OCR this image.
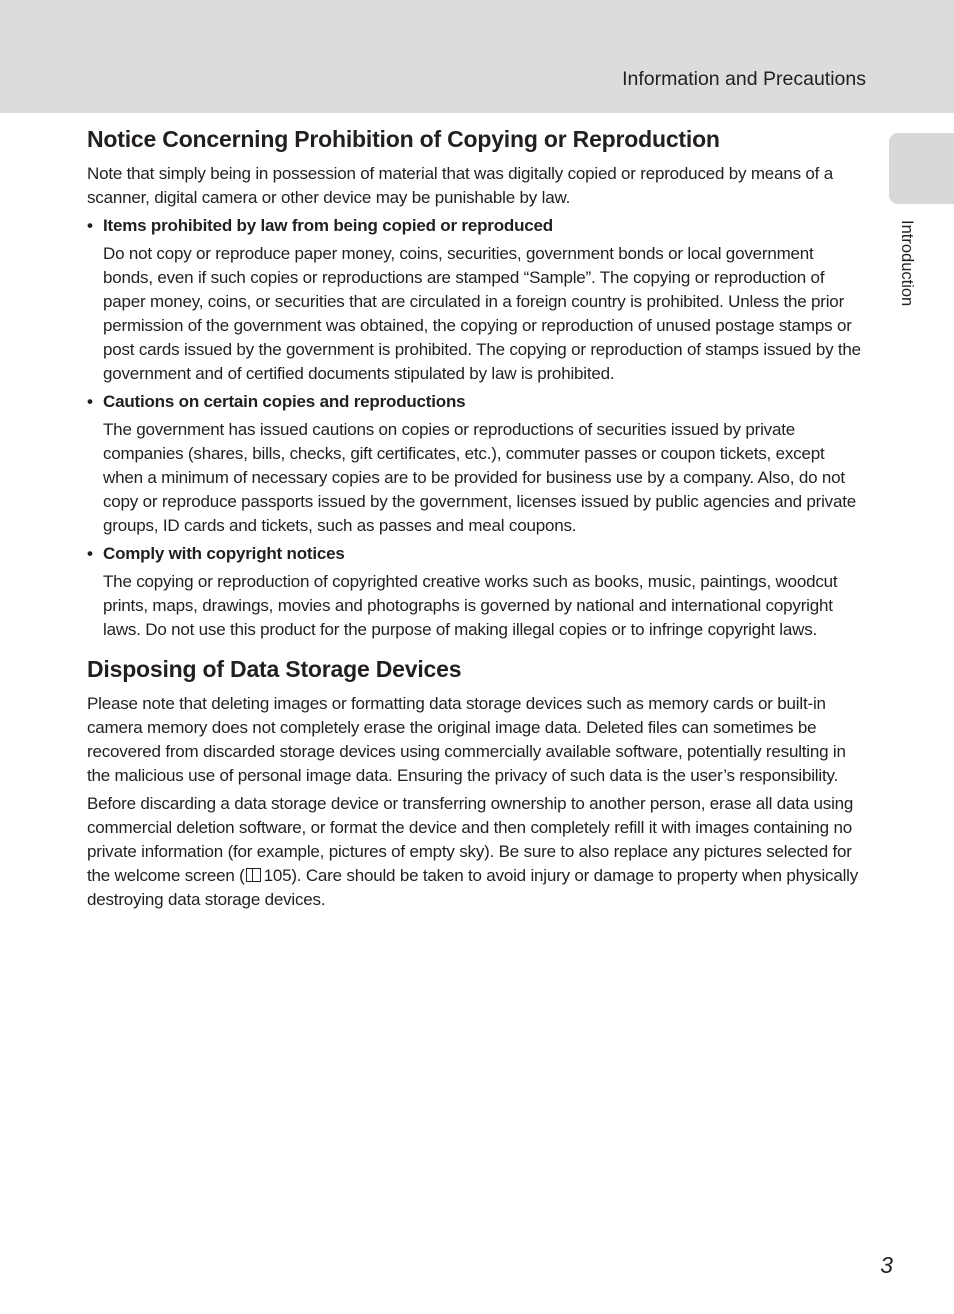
Information and Precautions
Introduction
Notice Concerning Prohibition of Copying or Reproduction

Note that simply being in possession of material that was digitally copied or reproduced by means of a scanner, digital camera or other device may be punishable by law.

• Items prohibited by law from being copied or reproduced
Do not copy or reproduce paper money, coins, securities, government bonds or local government bonds, even if such copies or reproductions are stamped “Sample”. The copying or reproduction of paper money, coins, or securities that are circulated in a foreign country is prohibited. Unless the prior permission of the government was obtained, the copying or reproduction of unused postage stamps or post cards issued by the government is prohibited. The copying or reproduction of stamps issued by the government and of certified documents stipulated by law is prohibited.
• Cautions on certain copies and reproductions
The government has issued cautions on copies or reproductions of securities issued by private companies (shares, bills, checks, gift certificates, etc.), commuter passes or coupon tickets, except when a minimum of necessary copies are to be provided for business use by a company. Also, do not copy or reproduce passports issued by the government, licenses issued by public agencies and private groups, ID cards and tickets, such as passes and meal coupons.
• Comply with copyright notices
The copying or reproduction of copyrighted creative works such as books, music, paintings, woodcut prints, maps, drawings, movies and photographs is governed by national and international copyright laws. Do not use this product for the purpose of making illegal copies or to infringe copyright laws.
Disposing of Data Storage Devices

Please note that deleting images or formatting data storage devices such as memory cards or built-in camera memory does not completely erase the original image data. Deleted files can sometimes be recovered from discarded storage devices using commercially available software, potentially resulting in the malicious use of personal image data. Ensuring the privacy of such data is the user’s responsibility.

Before discarding a data storage device or transferring ownership to another person, erase all data using commercial deletion software, or format the device and then completely refill it with images containing no private information (for example, pictures of empty sky). Be sure to also replace any pictures selected for the welcome screen ( 105). Care should be taken to avoid injury or damage to property when physically destroying data storage devices.

3
